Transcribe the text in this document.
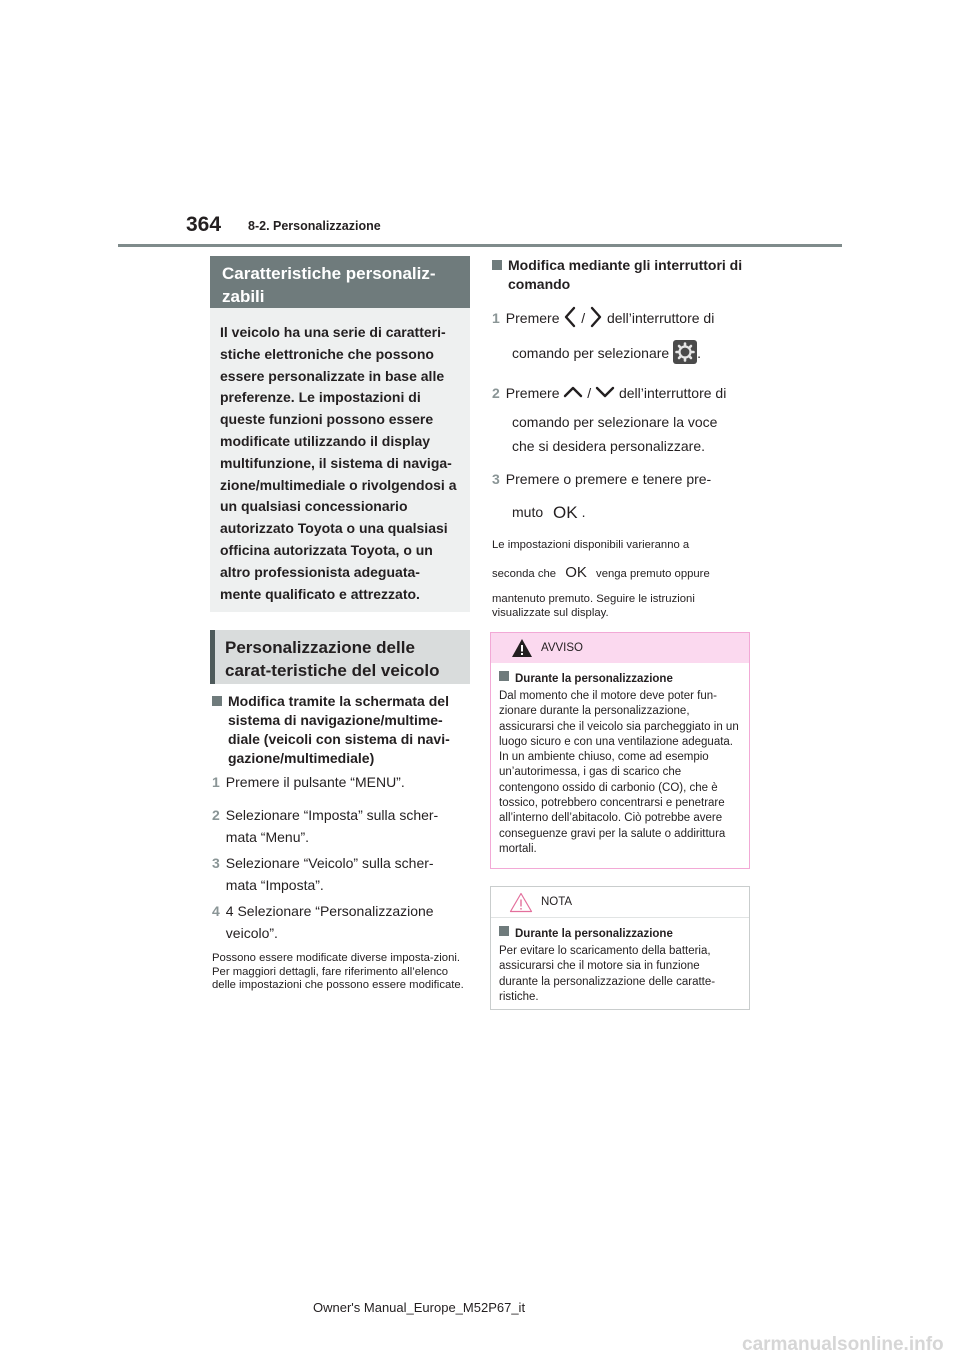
364 8-2. Personalizzazione
Caratteristiche personaliz-zabili

Il veicolo ha una serie di caratteri-stiche elettroniche che possono essere personalizzate in base alle preferenze. Le impostazioni di queste funzioni possono essere modificate utilizzando il display multifunzione, il sistema di naviga-zione/multimediale o rivolgendosi a un qualsiasi concessionario autorizzato Toyota o una qualsiasi officina autorizzata Toyota, o un altro professionista adeguata-mente qualificato e attrezzato.

Personalizzazione delle carat-teristiche del veicolo
Modifica tramite la schermata del sistema di navigazione/multime-diale (veicoli con sistema di navi-gazione/multimediale)
1 Premere il pulsante “MENU”.
2 Selezionare “Imposta” sulla scher-mata “Menu”.
3 Selezionare “Veicolo” sulla scher-mata “Imposta”.
4 4 Selezionare “Personalizzazione veicolo”.
Possono essere modificate diverse imposta-zioni. Per maggiori dettagli, fare riferimento all’elenco delle impostazioni che possono essere modificate.
Modifica mediante gli interruttori di comando
1 Premere / dell’interruttore di
comando per selezionare .
2 Premere / dell’interruttore di
comando per selezionare la voce
che si desidera personalizzare.
3 Premere o premere e tenere pre-
muto OK .
Le impostazioni disponibili varieranno a
seconda che OK venga premuto oppure
mantenuto premuto. Seguire le istruzioni visualizzate sul display.
AVVISO
Durante la personalizzazione
Dal momento che il motore deve poter fun-zionare durante la personalizzazione, assicurarsi che il veicolo sia parcheggiato in un luogo sicuro e con una ventilazione adeguata. In un ambiente chiuso, come ad esempio un’autorimessa, i gas di scarico che contengono ossido di carbonio (CO), che è tossico, potrebbero concentrarsi e penetrare all’interno dell’abitacolo. Ciò potrebbe avere conseguenze gravi per la salute o addirittura mortali.
NOTA
Durante la personalizzazione
Per evitare lo scaricamento della batteria, assicurarsi che il motore sia in funzione durante la personalizzazione delle caratte-ristiche.
Owner's Manual_Europe_M52P67_it
carmanualsonline.info
